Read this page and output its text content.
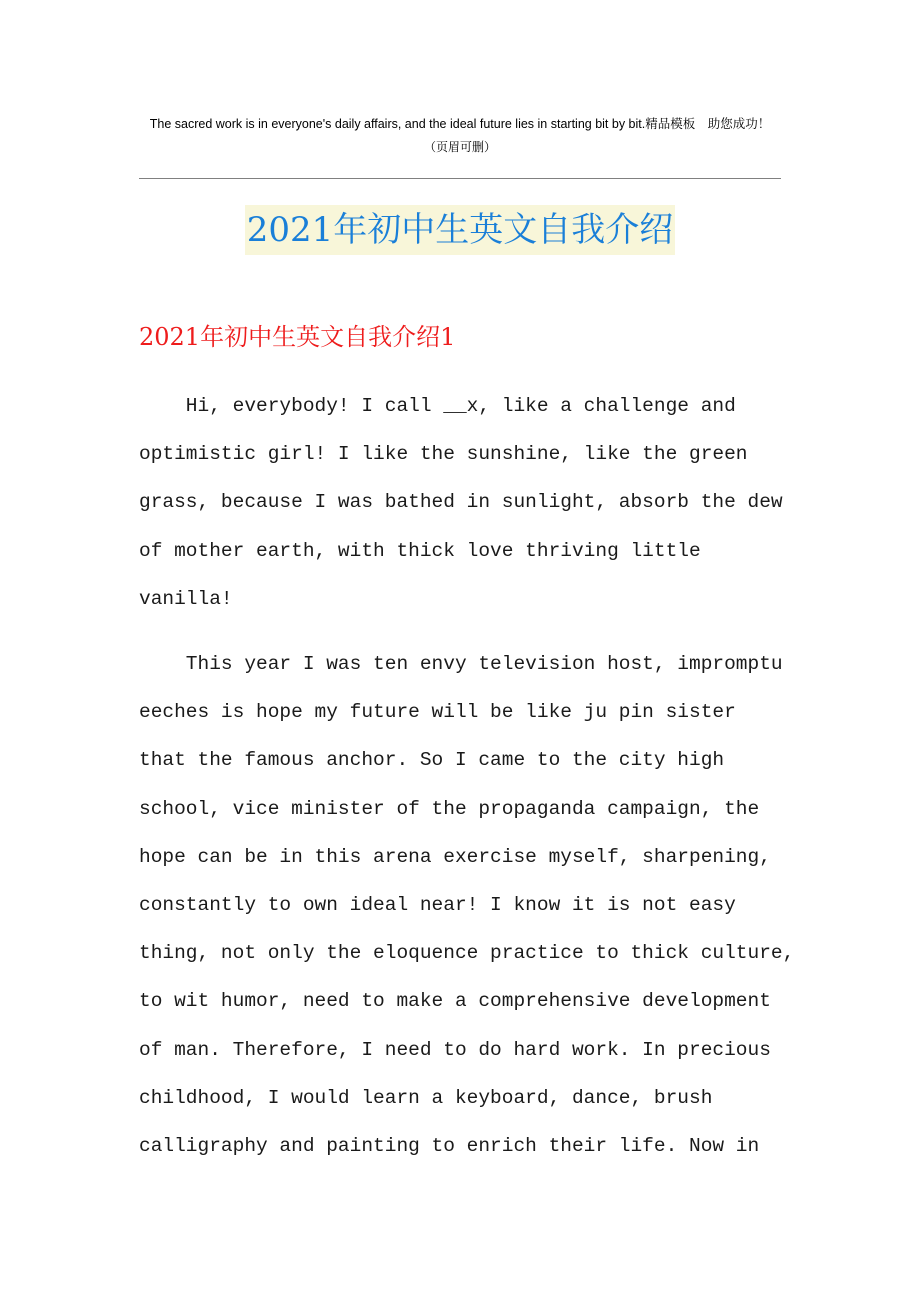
The sacred work is in everyone's daily affairs, and the ideal future lies in starting bit by bit.精品模板　助您成功！
（页眉可删）
2021年初中生英文自我介绍
2021年初中生英文自我介绍1
Hi, everybody! I call __x, like a challenge and
optimistic girl! I like the sunshine, like the green
grass, because I was bathed in sunlight, absorb the dew
of mother earth, with thick love thriving little
vanilla!
This year I was ten envy television host, impromptu
eeches is hope my future will be like ju pin sister
that the famous anchor. So I came to the city high
school, vice minister of the propaganda campaign, the
hope can be in this arena exercise myself, sharpening,
constantly to own ideal near! I know it is not easy
thing, not only the eloquence practice to thick culture,
to wit humor, need to make a comprehensive development
of man. Therefore, I need to do hard work. In precious
childhood, I would learn a keyboard, dance, brush
calligraphy and painting to enrich their life. Now in
